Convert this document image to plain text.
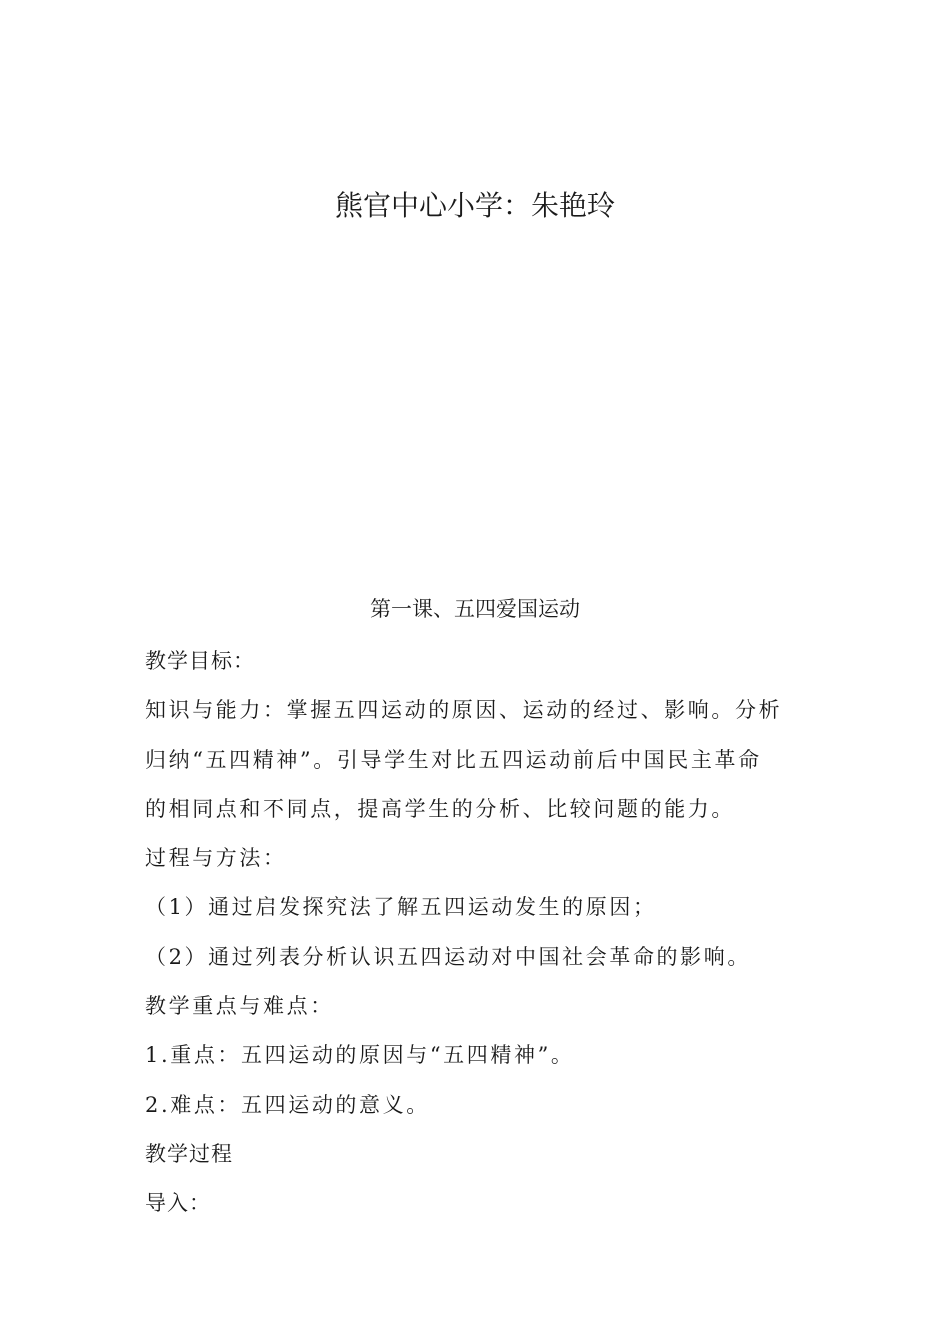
熊官中心小学：朱艳玲
第一课、五四爱国运动
教学目标：
知识与能力：掌握五四运动的原因、运动的经过、影响。分析
归纳“五四精神”。引导学生对比五四运动前后中国民主革命
的相同点和不同点，提高学生的分析、比较问题的能力。
过程与方法：
（1）通过启发探究法了解五四运动发生的原因；
（2）通过列表分析认识五四运动对中国社会革命的影响。
教学重点与难点：
1.重点：五四运动的原因与“五四精神”。
2.难点：五四运动的意义。
教学过程
导入：
